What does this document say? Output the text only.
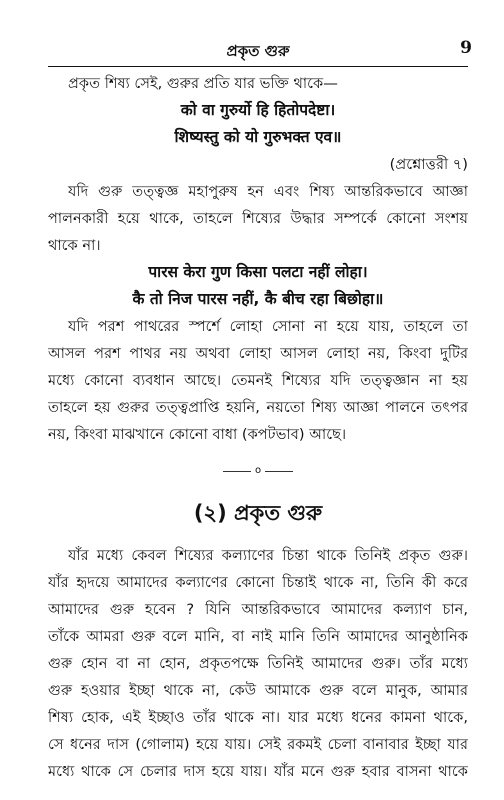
প্রকৃত গুরু	9
প্রকৃত শিষ্য সেই, গুরুর প্রতি যার ভক্তি থাকে—
को वा गुरुर्यो हि हितोपदेष्टा।
शिष्यस्तु को यो गुरुभक्त एव॥
(প্রশ্নোত্তরী ৭)
যদি গুরু তত্ত্বজ্ঞ মহাপুরুষ হন এবং শিষ্য আন্তরিকভাবে আজ্ঞা
পালনকারী হয়ে থাকে, তাহলে শিষ্যের উদ্ধার সম্পর্কে কোনো সংশয়
থাকে না।
पारस केरा गुण किसा पलटा नहीं लोहा।
कै तो निज पारस नहीं, कै बीच रहा बिछोहा॥
যদি পরশ পাথরের স্পর্শে লোহা সোনা না হয়ে যায়, তাহলে তা
আসল পরশ পাথর নয় অথবা লোহা আসল লোহা নয়, কিংবা দুটির
মধ্যে কোনো ব্যবধান আছে। তেমনই শিষ্যের যদি তত্ত্বজ্ঞান না হয়
তাহলে হয় গুরুর তত্ত্বপ্রাপ্তি হয়নি, নয়তো শিষ্য আজ্ঞা পালনে তৎপর
নয়, কিংবা মাঝখানে কোনো বাধা (কপটভাব) আছে।
o
(২) প্রকৃত গুরু
যাঁর মধ্যে কেবল শিষ্যের কল্যাণের চিন্তা থাকে তিনিই প্রকৃত গুরু।
যাঁর হৃদয়ে আমাদের কল্যাণের কোনো চিন্তাই থাকে না, তিনি কী করে
আমাদের গুরু হবেন ? যিনি আন্তরিকভাবে আমাদের কল্যাণ চান,
তাঁকে আমরা গুরু বলে মানি, বা নাই মানি তিনি আমাদের আনুষ্ঠানিক
গুরু হোন বা না হোন, প্রকৃতপক্ষে তিনিই আমাদের গুরু। তাঁর মধ্যে
গুরু হওয়ার ইচ্ছা থাকে না, কেউ আমাকে গুরু বলে মানুক, আমার
শিষ্য হোক, এই ইচ্ছাও তাঁর থাকে না। যার মধ্যে ধনের কামনা থাকে,
সে ধনের দাস (গোলাম) হয়ে যায়। সেই রকমই চেলা বানাবার ইচ্ছা যার
মধ্যে থাকে সে চেলার দাস হয়ে যায়। যাঁর মনে গুরু হবার বাসনা থাকে
